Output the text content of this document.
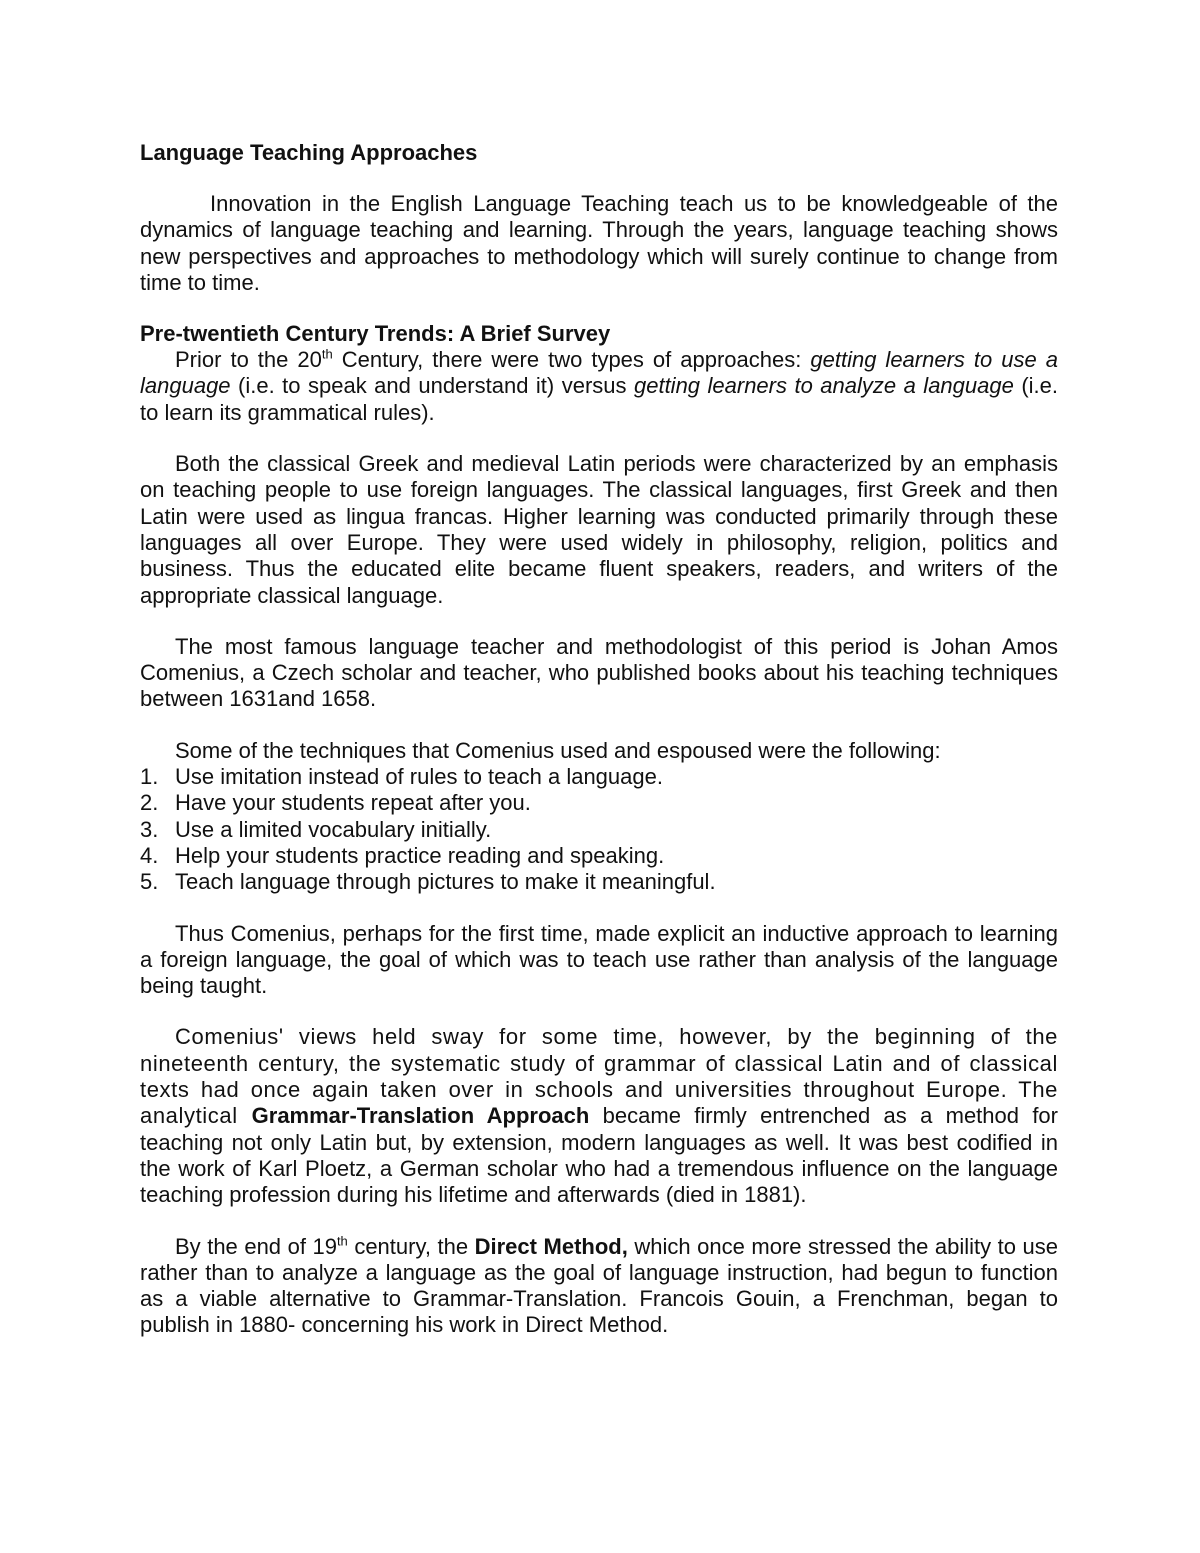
Language Teaching Approaches

Innovation in the English Language Teaching teach us to be knowledgeable of the dynamics of language teaching and learning. Through the years, language teaching shows new perspectives and approaches to methodology which will surely continue to change from time to time.

Pre-twentieth Century Trends: A Brief Survey

Prior to the 20th Century, there were two types of approaches: getting learners to use a language (i.e. to speak and understand it) versus getting learners to analyze a language (i.e. to learn its grammatical rules).

Both the classical Greek and medieval Latin periods were characterized by an emphasis on teaching people to use foreign languages. The classical languages, first Greek and then Latin were used as lingua francas. Higher learning was conducted primarily through these languages all over Europe. They were used widely in philosophy, religion, politics and business. Thus the educated elite became fluent speakers, readers, and writers of the appropriate classical language.

The most famous language teacher and methodologist of this period is Johan Amos Comenius, a Czech scholar and teacher, who published books about his teaching techniques between 1631and 1658.

Some of the techniques that Comenius used and espoused were the following:
1. Use imitation instead of rules to teach a language.
2. Have your students repeat after you.
3. Use a limited vocabulary initially.
4. Help your students practice reading and speaking.
5. Teach language through pictures to make it meaningful.

Thus Comenius, perhaps for the first time, made explicit an inductive approach to learning a foreign language, the goal of which was to teach use rather than analysis of the language being taught.

Comenius' views held sway for some time, however, by the beginning of the nineteenth century, the systematic study of grammar of classical Latin and of classical texts had once again taken over in schools and universities throughout Europe. The analytical Grammar-Translation Approach became firmly entrenched as a method for teaching not only Latin but, by extension, modern languages as well. It was best codified in the work of Karl Ploetz, a German scholar who had a tremendous influence on the language teaching profession during his lifetime and afterwards (died in 1881).

By the end of 19th century, the Direct Method, which once more stressed the ability to use rather than to analyze a language as the goal of language instruction, had begun to function as a viable alternative to Grammar-Translation. Francois Gouin, a Frenchman, began to publish in 1880- concerning his work in Direct Method.
